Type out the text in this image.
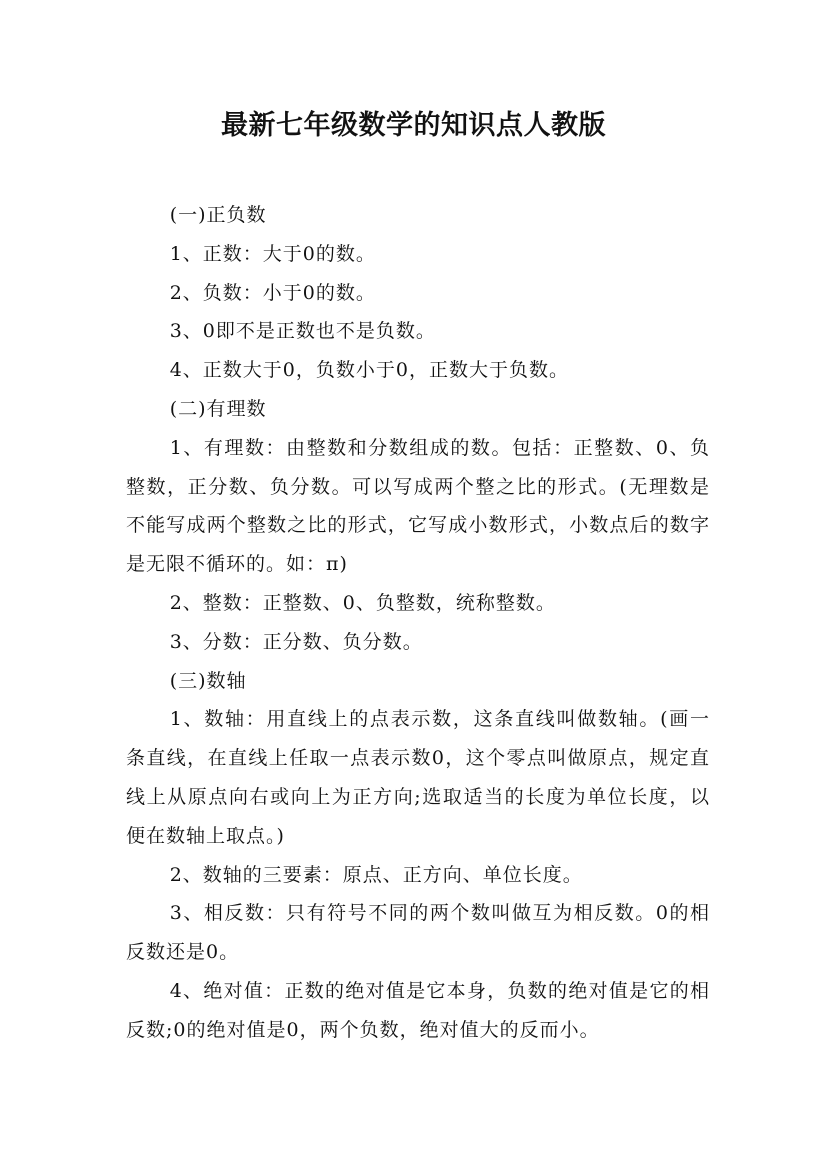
最新七年级数学的知识点人教版

(一)正负数

1、正数：大于0的数。

2、负数：小于0的数。

3、0即不是正数也不是负数。

4、正数大于0，负数小于0，正数大于负数。

(二)有理数

1、有理数：由整数和分数组成的数。包括：正整数、0、负整数，正分数、负分数。可以写成两个整之比的形式。(无理数是不能写成两个整数之比的形式，它写成小数形式，小数点后的数字是无限不循环的。如：π)

2、整数：正整数、0、负整数，统称整数。

3、分数：正分数、负分数。

(三)数轴

1、数轴：用直线上的点表示数，这条直线叫做数轴。(画一条直线，在直线上任取一点表示数0，这个零点叫做原点，规定直线上从原点向右或向上为正方向;选取适当的长度为单位长度，以便在数轴上取点。)

2、数轴的三要素：原点、正方向、单位长度。

3、相反数：只有符号不同的两个数叫做互为相反数。0的相反数还是0。

4、绝对值：正数的绝对值是它本身，负数的绝对值是它的相反数;0的绝对值是0，两个负数，绝对值大的反而小。
